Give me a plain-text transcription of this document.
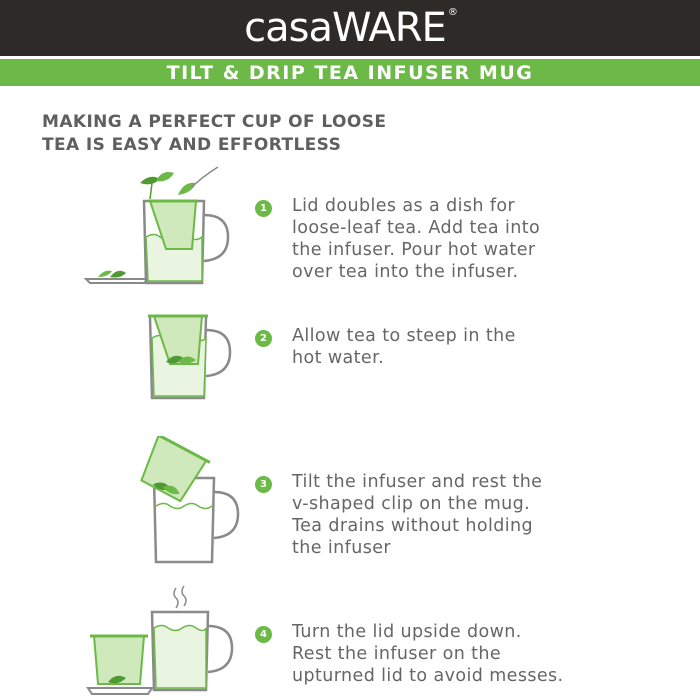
casaWARE ®
TILT & DRIP TEA INFUSER MUG
MAKING A PERFECT CUP OF LOOSE
TEA IS EASY AND EFFORTLESS
1 Lid doubles as a dish for
loose-leaf tea. Add tea into
the infuser. Pour hot water
over tea into the infuser.
2 Allow tea to steep in the
hot water.
3 Tilt the infuser and rest the
v-shaped clip on the mug.
Tea drains without holding
the infuser
4 Turn the lid upside down.
Rest the infuser on the
upturned lid to avoid messes.
